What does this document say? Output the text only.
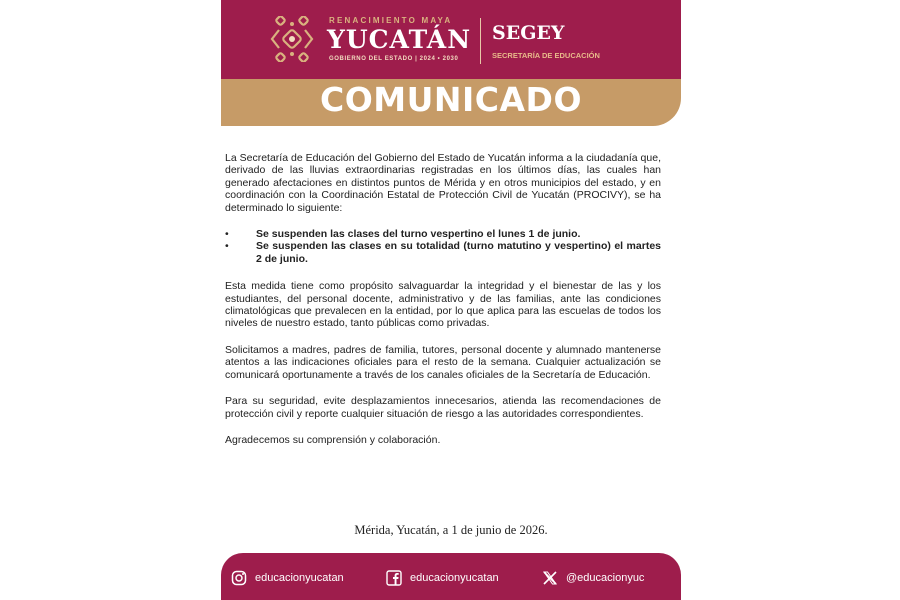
RENACIMIENTO MAYA
YUCATÁN
GOBIERNO DEL ESTADO | 2024 • 2030
SEGEY
SECRETARÍA DE EDUCACIÓN
COMUNICADO

La Secretaría de Educación del Gobierno del Estado de Yucatán informa a la ciudadanía que, derivado de las lluvias extraordinarias registradas en los últimos días, las cuales han generado afectaciones en distintos puntos de Mérida y en otros municipios del estado, y en coordinación con la Coordinación Estatal de Protección Civil de Yucatán (PROCIVY), se ha determinado lo siguiente:

• Se suspenden las clases del turno vespertino el lunes 1 de junio.
• Se suspenden las clases en su totalidad (turno matutino y vespertino) el martes 2 de junio.

Esta medida tiene como propósito salvaguardar la integridad y el bienestar de las y los estudiantes, del personal docente, administrativo y de las familias, ante las condiciones climatológicas que prevalecen en la entidad, por lo que aplica para las escuelas de todos los niveles de nuestro estado, tanto públicas como privadas.

Solicitamos a madres, padres de familia, tutores, personal docente y alumnado mantenerse atentos a las indicaciones oficiales para el resto de la semana. Cualquier actualización se comunicará oportunamente a través de los canales oficiales de la Secretaría de Educación.

Para su seguridad, evite desplazamientos innecesarios, atienda las recomendaciones de protección civil y reporte cualquier situación de riesgo a las autoridades correspondientes.

Agradecemos su comprensión y colaboración.

Mérida, Yucatán, a 1 de junio de 2026.
educacionyucatan	educacionyucatan	@educacionyuc
